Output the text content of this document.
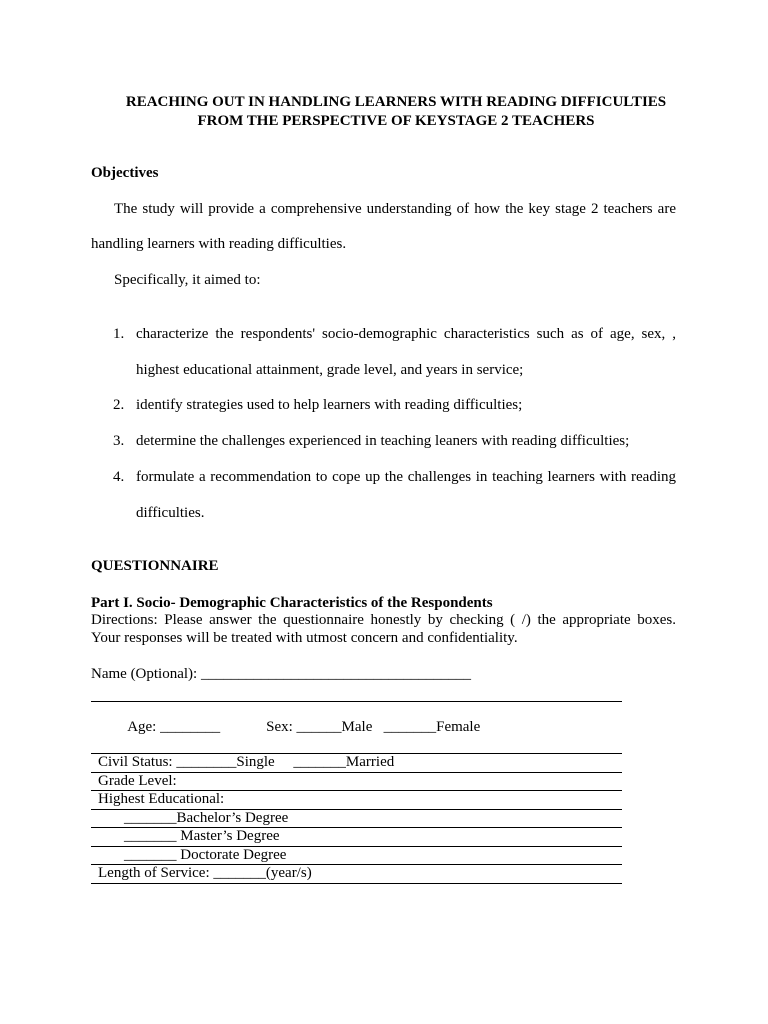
REACHING OUT IN HANDLING LEARNERS WITH READING DIFFICULTIES
FROM THE PERSPECTIVE OF KEYSTAGE 2 TEACHERS
Objectives
The study will provide a comprehensive understanding of how the key stage 2 teachers are
handling learners with reading difficulties.
Specifically, it aimed to:
1. characterize the respondents' socio-demographic characteristics such as of age, sex, ,
highest educational attainment, grade level, and years in service;
2. identify strategies used to help learners with reading difficulties;
3. determine the challenges experienced in teaching leaners with reading difficulties;
4. formulate a recommendation to cope up the challenges in teaching learners with reading
difficulties.
QUESTIONNAIRE
Part I. Socio- Demographic Characteristics of the Respondents
Directions: Please answer the questionnaire honestly by checking ( /) the appropriate boxes.
Your responses will be treated with utmost concern and confidentiality.
Name (Optional): ____________________________________

Age: ________	Sex: ______Male   _______Female

Civil Status: ________Single     _______Married
Grade Level:
Highest Educational:
_______Bachelor’s Degree
_______ Master’s Degree
_______ Doctorate Degree
Length of Service: _______(year/s)
